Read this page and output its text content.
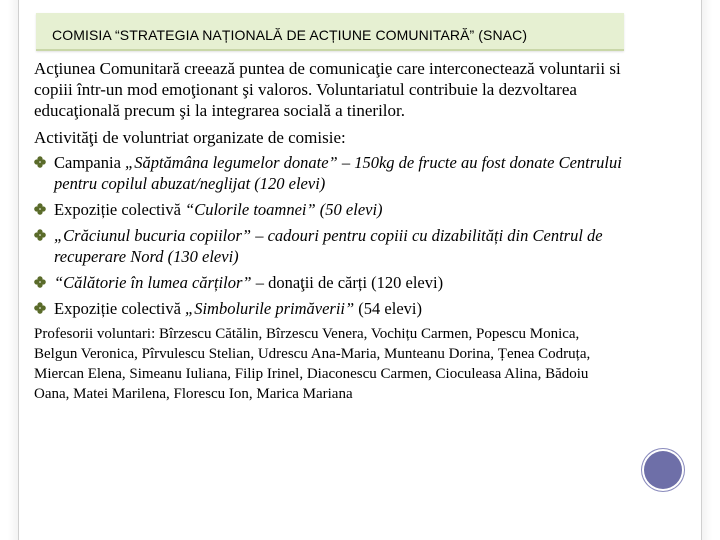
COMISIA “STRATEGIA NAȚIONALĂ DE ACȚIUNE COMUNITARĂ” (SNAC)

Acţiunea Comunitară creează puntea de comunicaţie care interconectează voluntarii si copiii într-un mod emoţionant şi valoros. Voluntariatul contribuie la dezvoltarea educaţională precum şi la integrarea socială a tinerilor.

Activităţi de voluntriat organizate de comisie:

Campania „Săptămâna legumelor donate” – 150kg de fructe au fost donate Centrului pentru copilul abuzat/neglijat (120 elevi)
Expoziție colectivă “Culorile toamnei” (50 elevi)
„Crăciunul bucuria copiilor” – cadouri pentru copiii cu dizabilități din Centrul de recuperare Nord (130 elevi)
“Călătorie în lumea cărților” – donaţii de cărți (120 elevi)
Expoziție colectivă „Simbolurile primăverii” (54 elevi)

Profesorii voluntari: Bîrzescu Cătălin, Bîrzescu Venera, Vochițu Carmen, Popescu Monica, Belgun Veronica, Pîrvulescu Stelian, Udrescu Ana-Maria, Munteanu Dorina, Țenea Codruța, Miercan Elena, Simeanu Iuliana, Filip Irinel, Diaconescu Carmen, Cioculeasa Alina, Bădoiu Oana, Matei Marilena, Florescu Ion, Marica Mariana
